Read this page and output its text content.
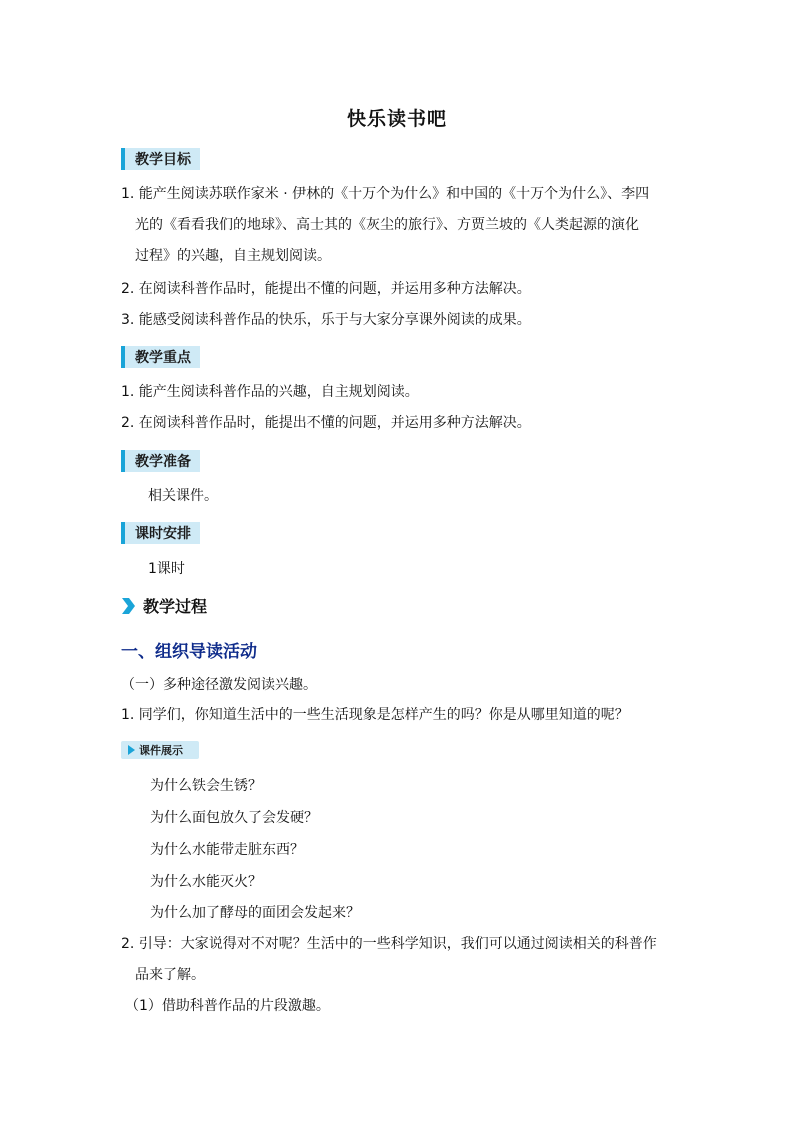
快乐读书吧
教学目标
1. 能产生阅读苏联作家米 · 伊林的《十万个为什么》和中国的《十万个为什么》、李四
光的《看看我们的地球》、高士其的《灰尘的旅行》、方贾兰坡的《人类起源的演化
过程》的兴趣，自主规划阅读。
2. 在阅读科普作品时，能提出不懂的问题，并运用多种方法解决。
3. 能感受阅读科普作品的快乐，乐于与大家分享课外阅读的成果。
教学重点
1. 能产生阅读科普作品的兴趣，自主规划阅读。
2. 在阅读科普作品时，能提出不懂的问题，并运用多种方法解决。
教学准备
相关课件。
课时安排
1课时
教学过程
一、组织导读活动
（一）多种途径激发阅读兴趣。
1. 同学们，你知道生活中的一些生活现象是怎样产生的吗？你是从哪里知道的呢？
课件展示
为什么铁会生锈？
为什么面包放久了会发硬？
为什么水能带走脏东西？
为什么水能灭火？
为什么加了酵母的面团会发起来？
2. 引导：大家说得对不对呢？生活中的一些科学知识，我们可以通过阅读相关的科普作
品来了解。
（1）借助科普作品的片段激趣。
